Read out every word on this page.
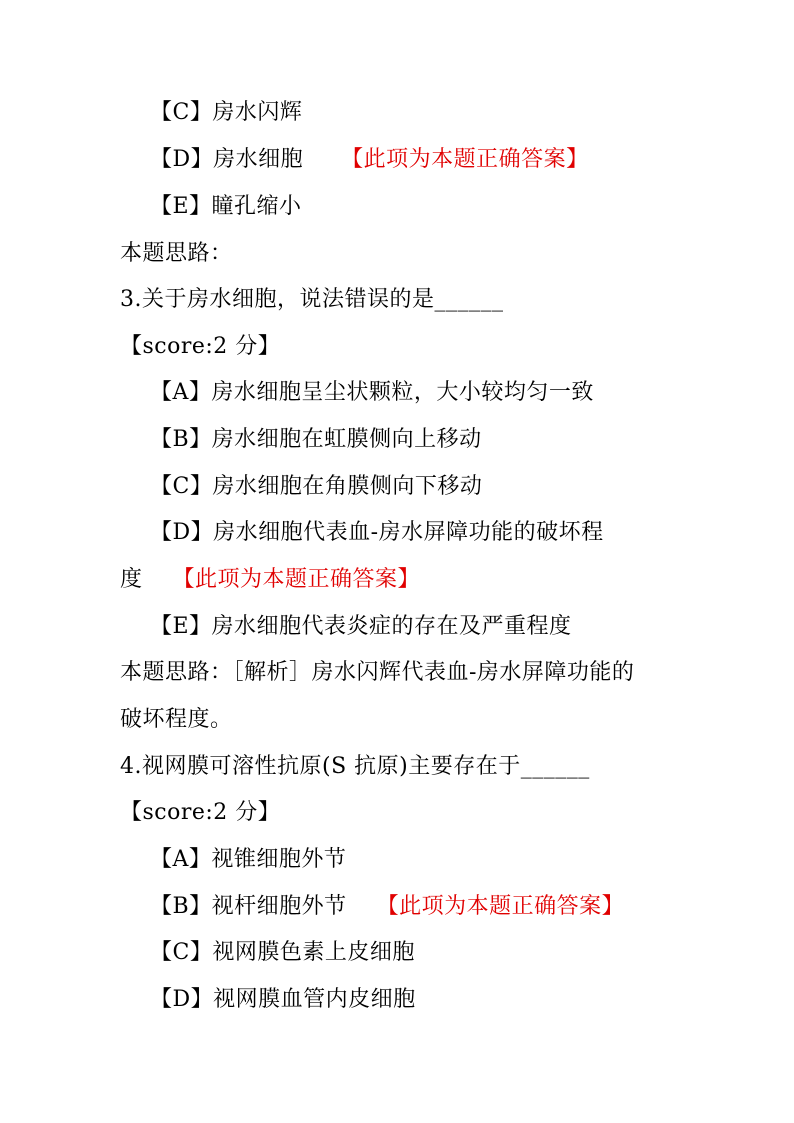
【C】房水闪辉
【D】房水细胞 【此项为本题正确答案】
【E】瞳孔缩小
本题思路：
3.关于房水细胞，说法错误的是______
【score:2 分】
【A】房水细胞呈尘状颗粒，大小较均匀一致
【B】房水细胞在虹膜侧向上移动
【C】房水细胞在角膜侧向下移动
【D】房水细胞代表血-房水屏障功能的破坏程
度 【此项为本题正确答案】
【E】房水细胞代表炎症的存在及严重程度
本题思路：［解析］房水闪辉代表血-房水屏障功能的
破坏程度。
4.视网膜可溶性抗原(S 抗原)主要存在于______
【score:2 分】
【A】视锥细胞外节
【B】视杆细胞外节 【此项为本题正确答案】
【C】视网膜色素上皮细胞
【D】视网膜血管内皮细胞
